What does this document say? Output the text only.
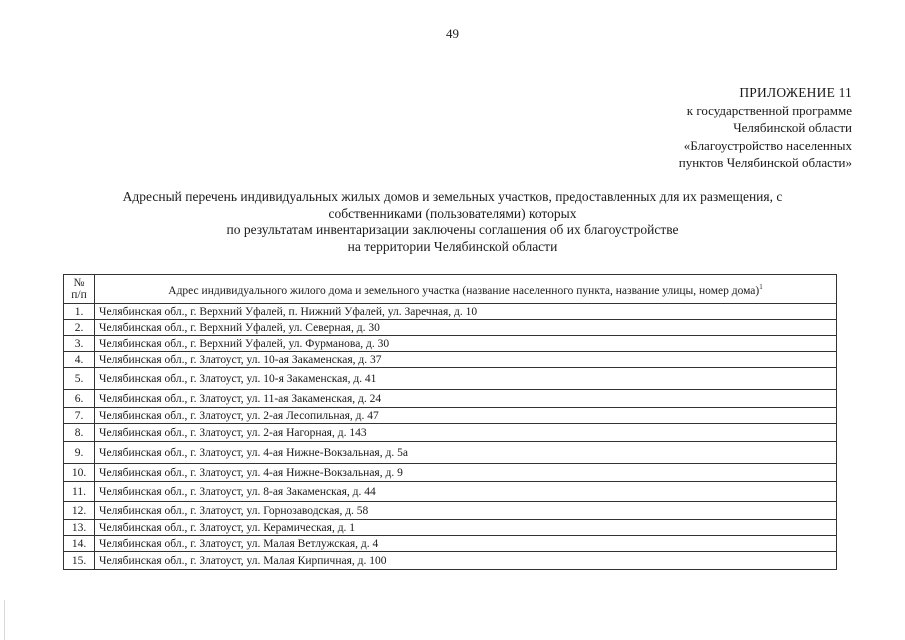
49
ПРИЛОЖЕНИЕ 11
к государственной программе
Челябинской области
«Благоустройство населенных
пунктов Челябинской области»
Адресный перечень индивидуальных жилых домов и земельных участков, предоставленных для их размещения, с
собственниками (пользователями) которых
по результатам инвентаризации заключены соглашения об их благоустройстве
на территории Челябинской области
№
п/п	Адрес индивидуального жилого дома и земельного участка (название населенного пункта, название улицы, номер дома)$^1$
1.	Челябинская обл., г. Верхний Уфалей, п. Нижний Уфалей, ул. Заречная, д. 10
2.	Челябинская обл., г. Верхний Уфалей, ул. Северная, д. 30
3.	Челябинская обл., г. Верхний Уфалей, ул. Фурманова, д. 30
4.	Челябинская обл., г. Златоуст, ул. 10-ая Закаменская, д. 37
5.	Челябинская обл., г. Златоуст, ул. 10-я Закаменская, д. 41
6.	Челябинская обл., г. Златоуст, ул. 11-ая Закаменская, д. 24
7.	Челябинская обл., г. Златоуст, ул. 2-ая Лесопильная, д. 47
8.	Челябинская обл., г. Златоуст, ул. 2-ая Нагорная, д. 143
9.	Челябинская обл., г. Златоуст, ул. 4-ая Нижне-Вокзальная, д. 5а
10.	Челябинская обл., г. Златоуст, ул. 4-ая Нижне-Вокзальная, д. 9
11.	Челябинская обл., г. Златоуст, ул. 8-ая Закаменская, д. 44
12.	Челябинская обл., г. Златоуст, ул. Горнозаводская, д. 58
13.	Челябинская обл., г. Златоуст, ул. Керамическая, д. 1
14.	Челябинская обл., г. Златоуст, ул. Малая Ветлужская, д. 4
15.	Челябинская обл., г. Златоуст, ул. Малая Кирпичная, д. 100
